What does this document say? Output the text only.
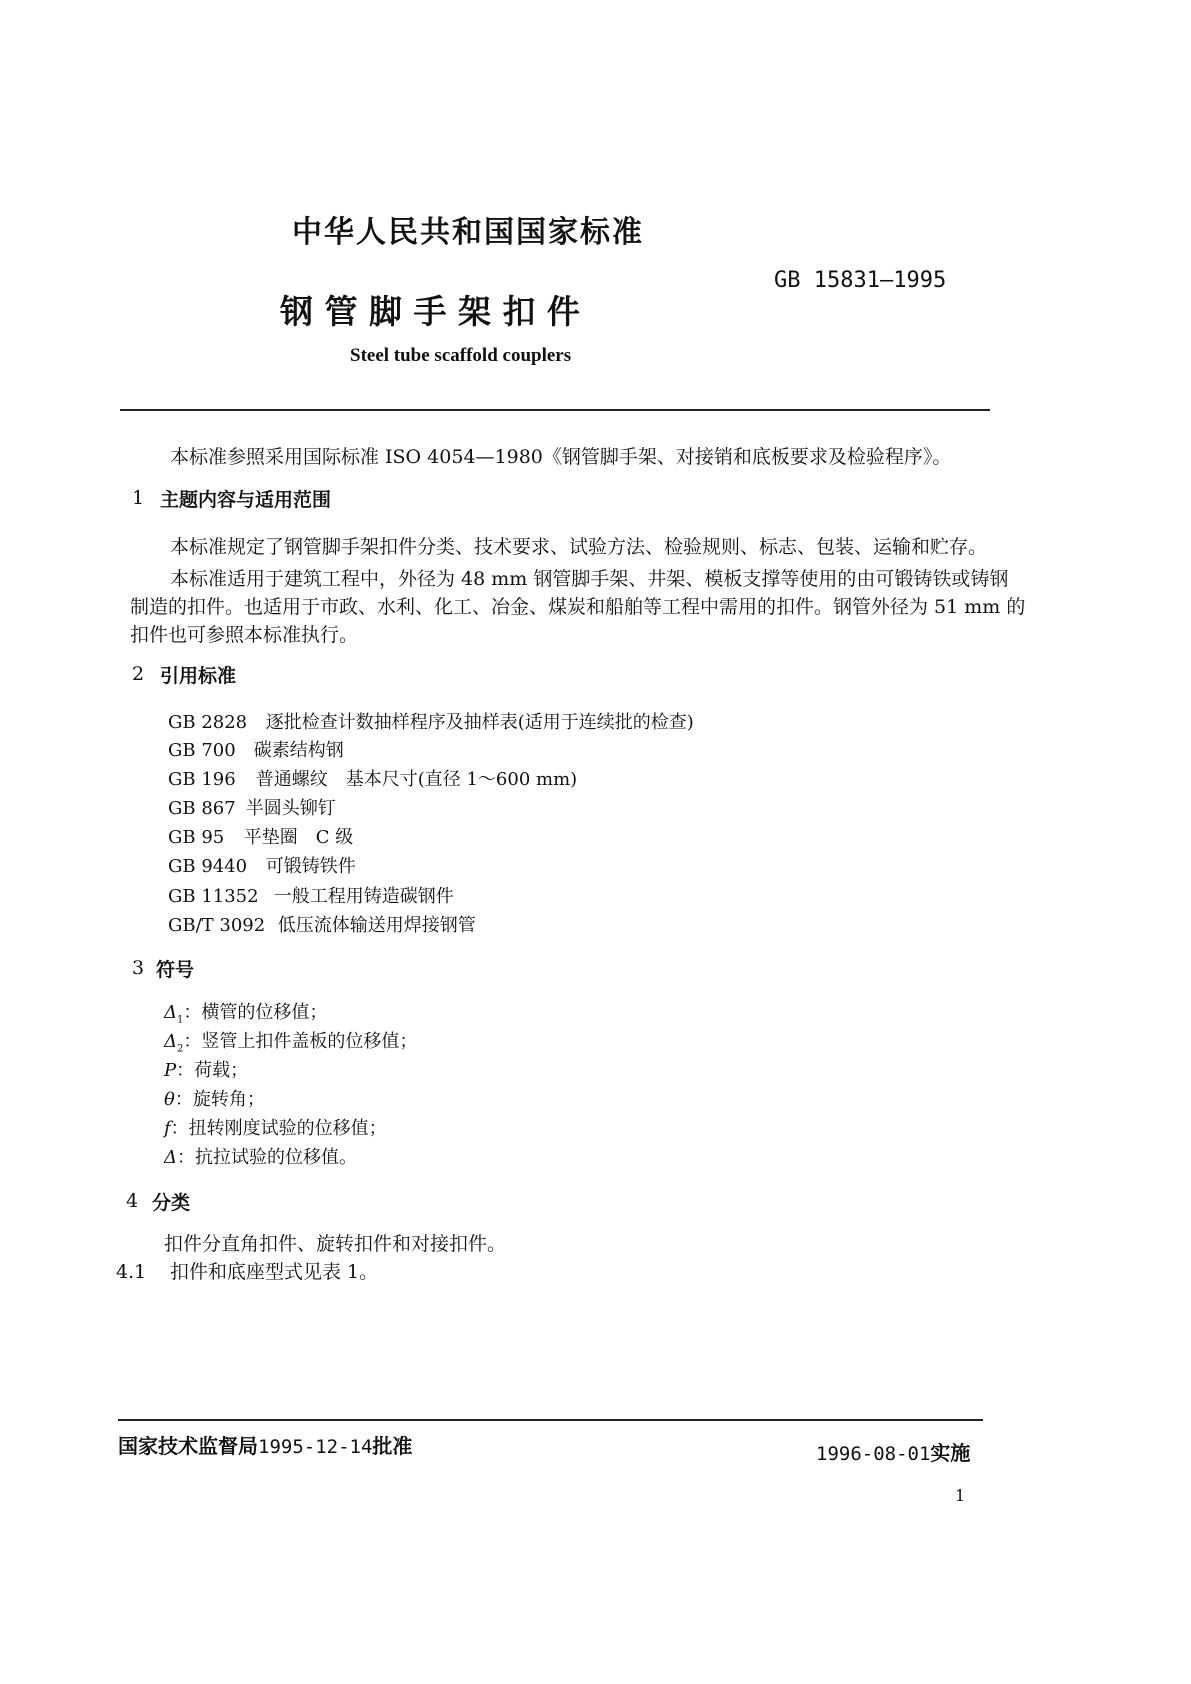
中华人民共和国国家标准
钢 管 脚 手 架 扣 件
GB 15831—1995
Steel tube scaffold couplers
本标准参照采用国际标准 ISO 4054—1980《钢管脚手架、对接销和底板要求及检验程序》。
1 主题内容与适用范围
本标准规定了钢管脚手架扣件分类、技术要求、试验方法、检验规则、标志、包装、运输和贮存。
本标准适用于建筑工程中，外径为 48 mm 钢管脚手架、井架、模板支撑等使用的由可锻铸铁或铸钢
制造的扣件。也适用于市政、水利、化工、冶金、煤炭和船舶等工程中需用的扣件。钢管外径为 51 mm 的
扣件也可参照本标准执行。
2 引用标准
GB 2828 逐批检查计数抽样程序及抽样表(适用于连续批的检查)
GB 700 碳素结构钢
GB 196 普通螺纹　基本尺寸(直径 1～600 mm)
GB 867 半圆头铆钉
GB 95 平垫圈　C 级
GB 9440 可锻铸铁件
GB 11352 一般工程用铸造碳钢件
GB/T 3092 低压流体输送用焊接钢管
3 符号
$\Delta_1$：横管的位移值；
$\Delta_2$：竖管上扣件盖板的位移值；
P：荷载；
θ：旋转角；
f：扭转刚度试验的位移值；
Δ：抗拉试验的位移值。
4 分类
扣件分直角扣件、旋转扣件和对接扣件。
4.1 扣件和底座型式见表 1。
国家技术监督局1995-12-14批准	1996-08-01实施
1
